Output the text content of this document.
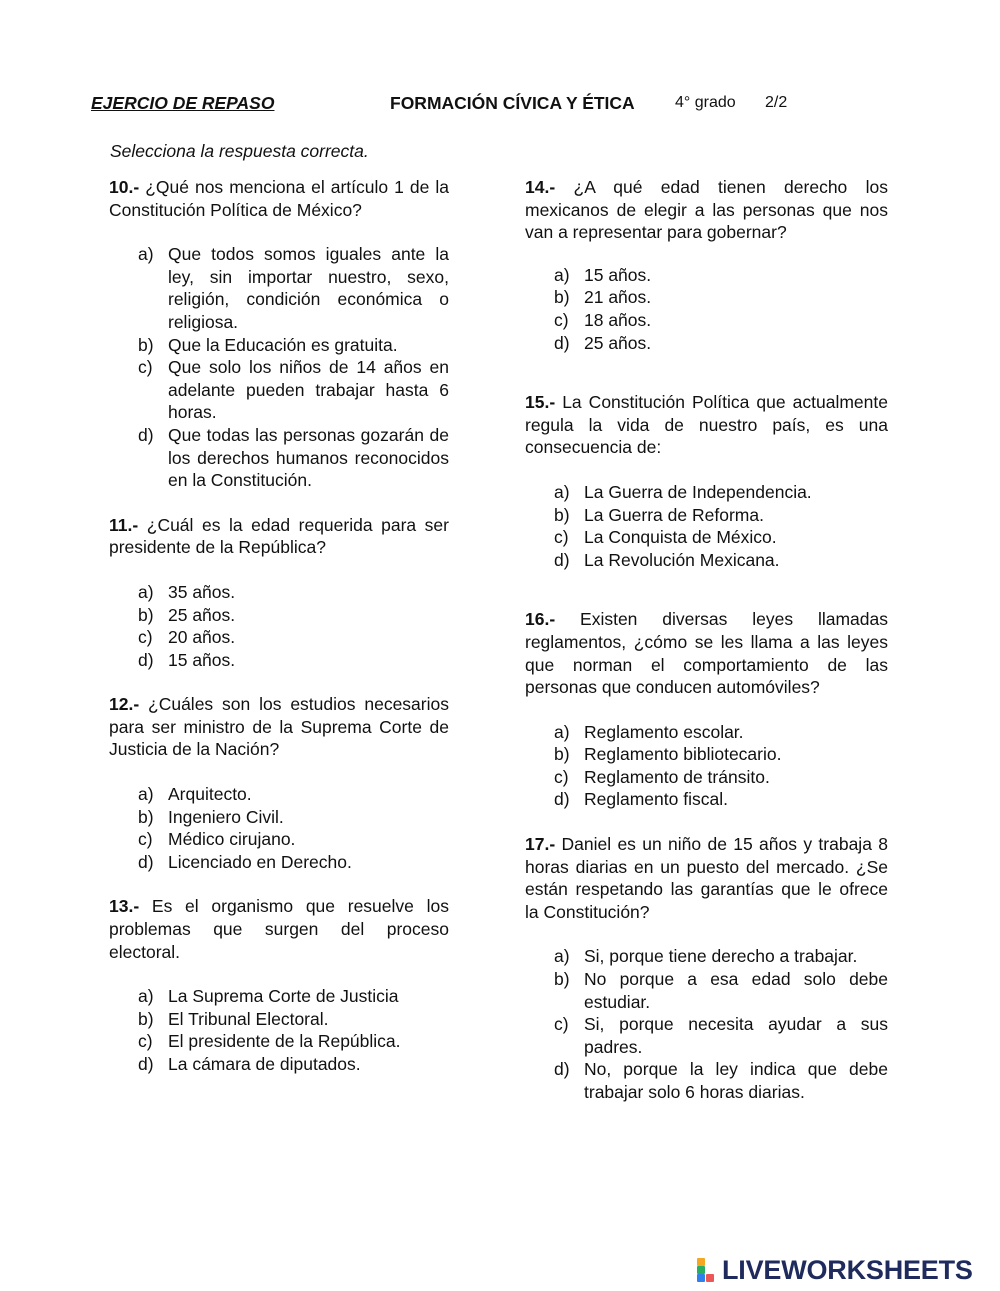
EJERCIO DE REPASO	FORMACIÓN CÍVICA Y ÉTICA	4° grado 2/2
Selecciona la respuesta correcta.

10.- ¿Qué nos menciona el artículo 1 de la Constitución Política de México?

a) Que todos somos iguales ante la ley, sin importar nuestro, sexo, religión, condición económica o religiosa.
b) Que la Educación es gratuita.
c) Que solo los niños de 14 años en adelante pueden trabajar hasta 6 horas.
d) Que todas las personas gozarán de los derechos humanos reconocidos en la Constitución.

11.- ¿Cuál es la edad requerida para ser presidente de la República?

a) 35 años.
b) 25 años.
c) 20 años.
d) 15 años.

12.- ¿Cuáles son los estudios necesarios para ser ministro de la Suprema Corte de Justicia de la Nación?

a) Arquitecto.
b) Ingeniero Civil.
c) Médico cirujano.
d) Licenciado en Derecho.

13.- Es el organismo que resuelve los problemas que surgen del proceso electoral.

a) La Suprema Corte de Justicia
b) El Tribunal Electoral.
c) El presidente de la República.
d) La cámara de diputados.

14.- ¿A qué edad tienen derecho los mexicanos de elegir a las personas que nos van a representar para gobernar?

a) 15 años.
b) 21 años.
c) 18 años.
d) 25 años.

15.- La Constitución Política que actualmente regula la vida de nuestro país, es una consecuencia de:

a) La Guerra de Independencia.
b) La Guerra de Reforma.
c) La Conquista de México.
d) La Revolución Mexicana.

16.- Existen diversas leyes llamadas reglamentos, ¿cómo se les llama a las leyes que norman el comportamiento de las personas que conducen automóviles?

a) Reglamento escolar.
b) Reglamento bibliotecario.
c) Reglamento de tránsito.
d) Reglamento fiscal.

17.- Daniel es un niño de 15 años y trabaja 8 horas diarias en un puesto del mercado. ¿Se están respetando las garantías que le ofrece la Constitución?

a) Si, porque tiene derecho a trabajar.
b) No porque a esa edad solo debe estudiar.
c) Si, porque necesita ayudar a sus padres.
d) No, porque la ley indica que debe trabajar solo 6 horas diarias.
LIVEWORKSHEETS
